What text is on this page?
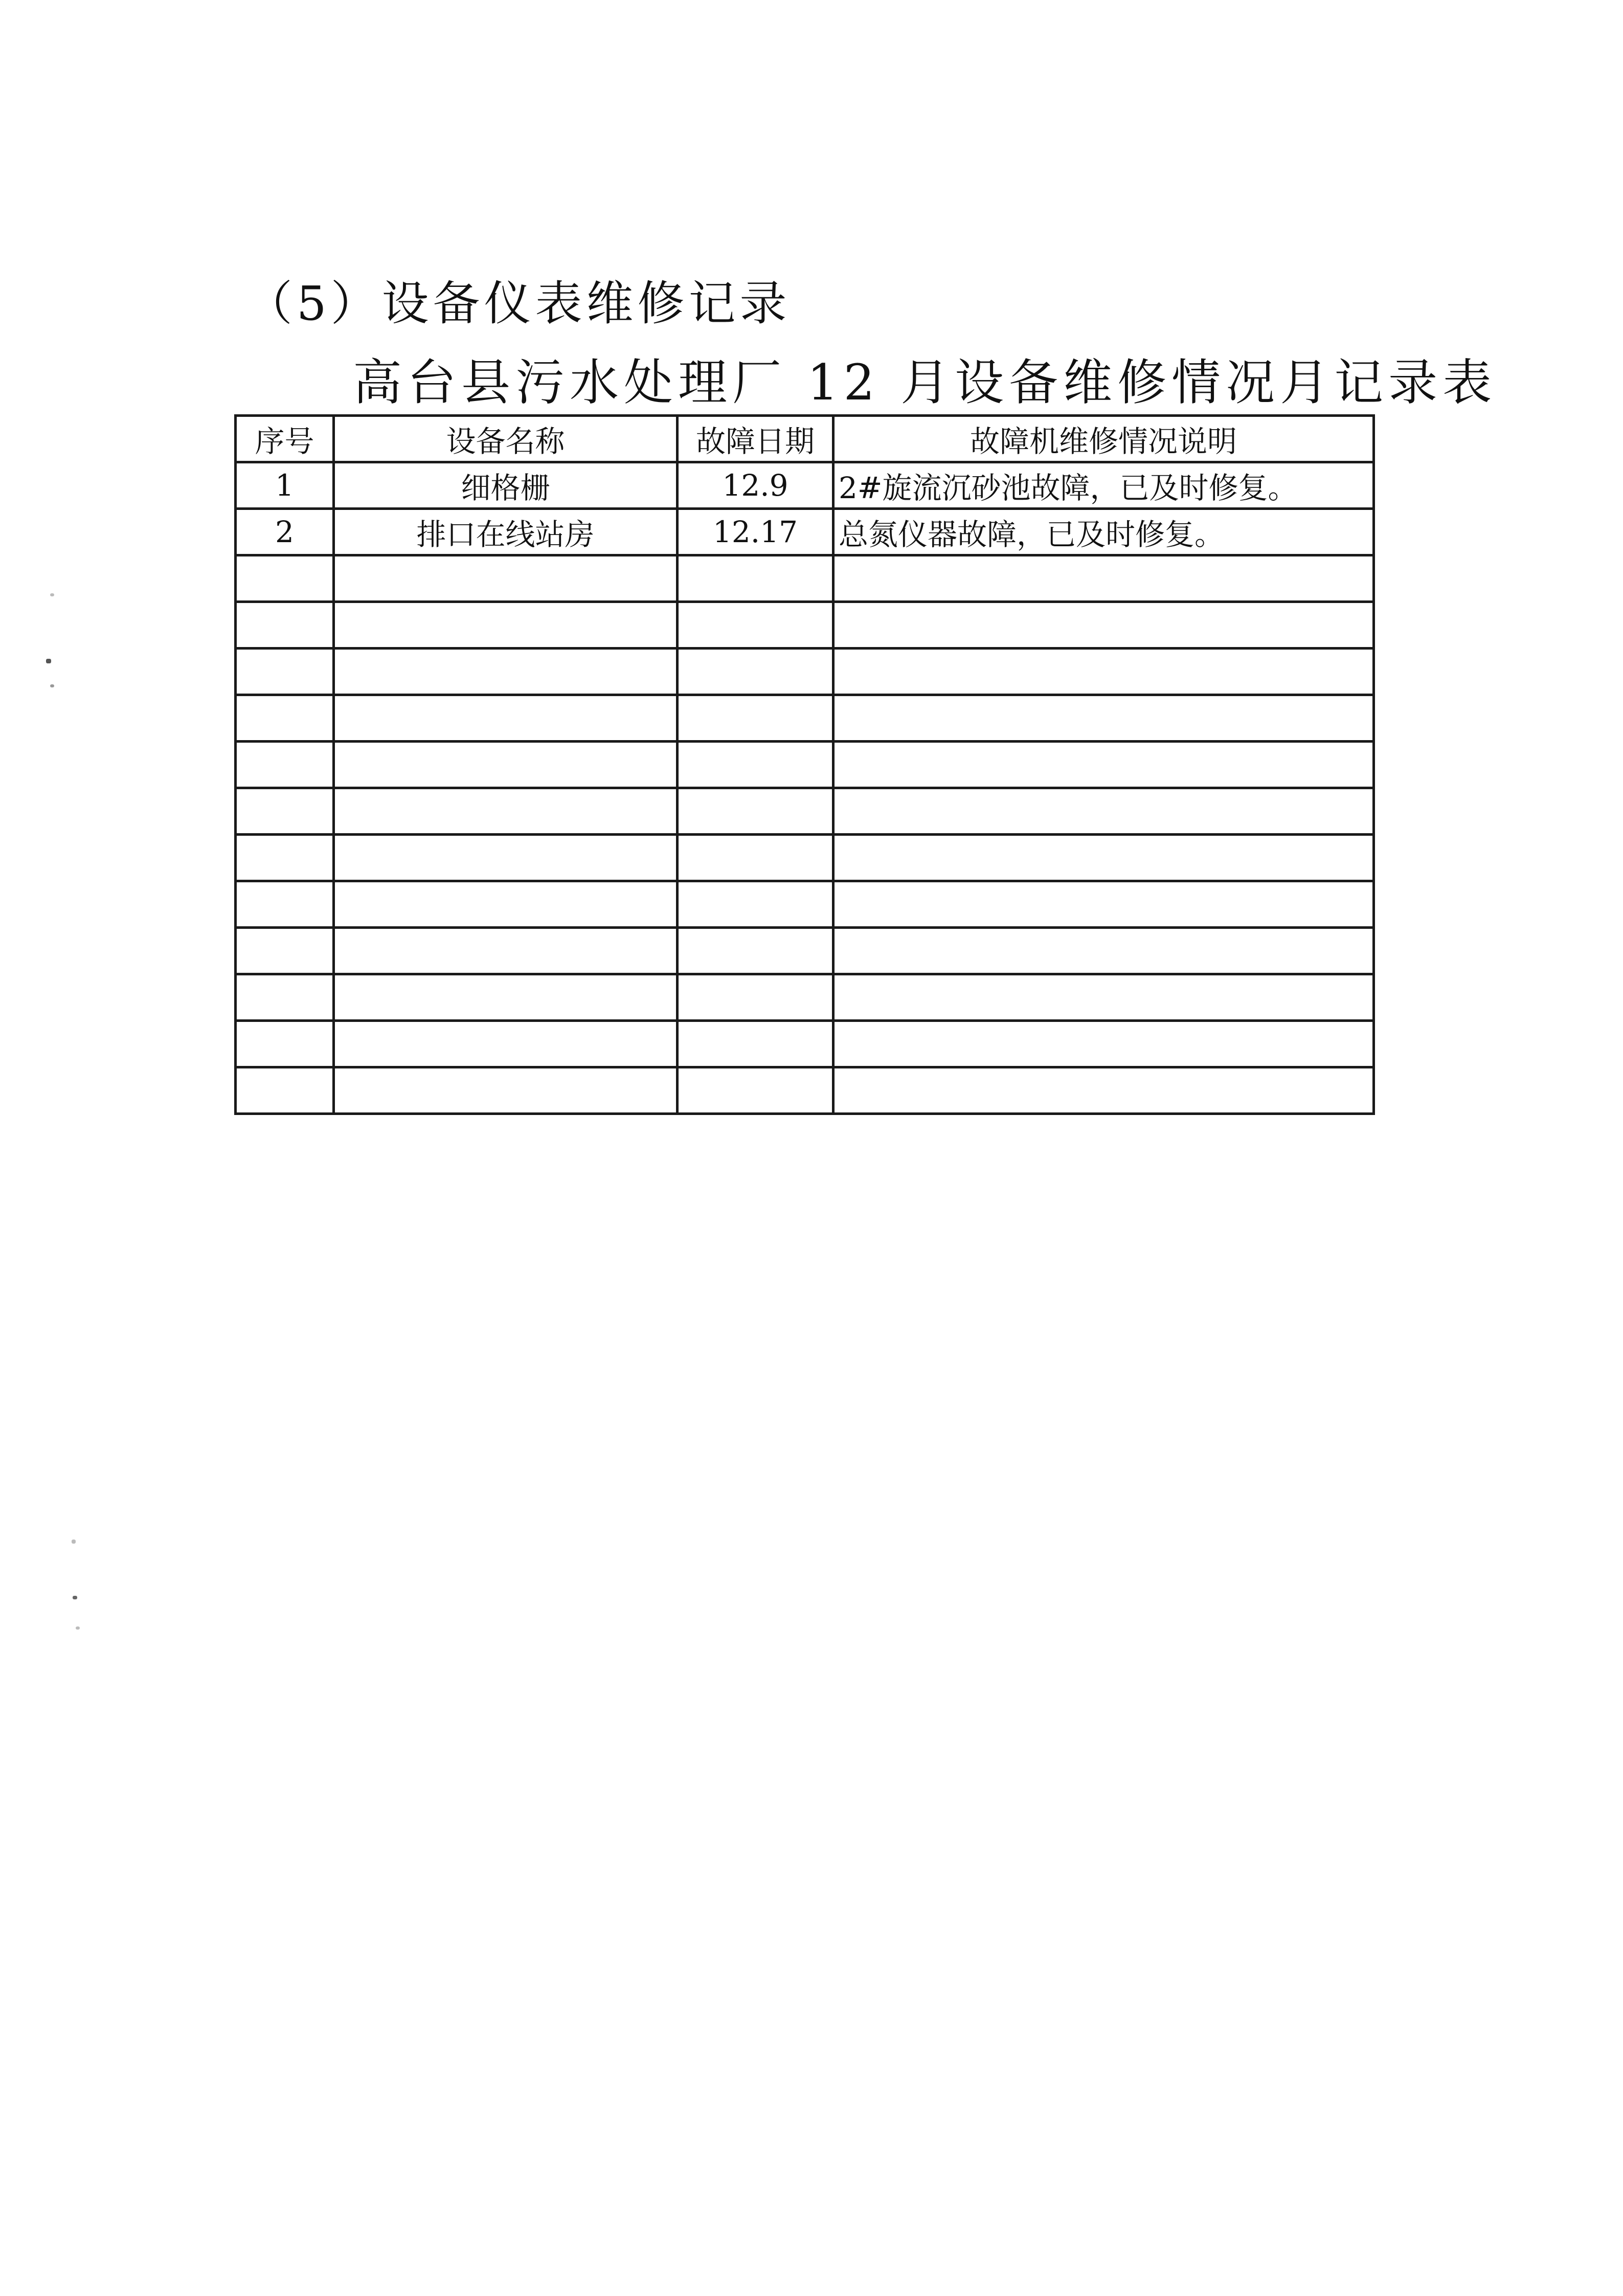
（5）设备仪表维修记录
高台县污水处理厂 12 月设备维修情况月记录表
序号	设备名称	故障日期	故障机维修情况说明
1	细格栅	12.9	2#旋流沉砂池故障，已及时修复。
2	排口在线站房	12.17	总氮仪器故障，已及时修复。
